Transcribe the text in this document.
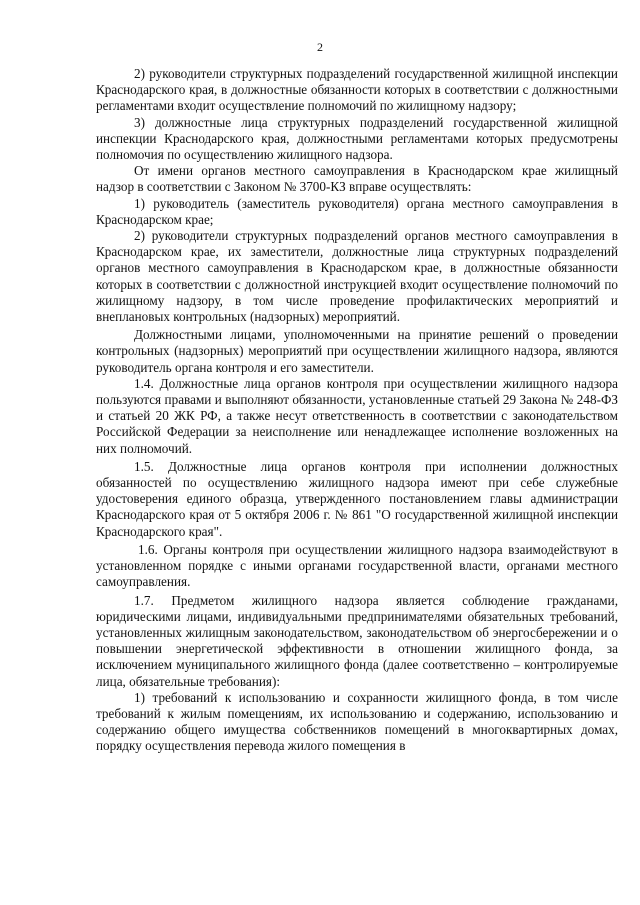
2

2) руководители структурных подразделений государственной жилищной инспекции Краснодарского края, в должностные обязанности которых в соответствии с должностными регламентами входит осуществление полномочий по жилищному надзору;

3) должностные лица структурных подразделений государственной жилищной инспекции Краснодарского края, должностными регламентами которых предусмотрены полномочия по осуществлению жилищного надзора.

От имени органов местного самоуправления в Краснодарском крае жилищный надзор в соответствии с Законом № 3700-КЗ вправе осуществлять:

1) руководитель (заместитель руководителя) органа местного самоуправления в Краснодарском крае;

2) руководители структурных подразделений органов местного самоуправления в Краснодарском крае, их заместители, должностные лица структурных подразделений органов местного самоуправления в Краснодарском крае, в должностные обязанности которых в соответствии с должностной инструкцией входит осуществление полномочий по жилищному надзору, в том числе проведение профилактических мероприятий и внеплановых контрольных (надзорных) мероприятий.

Должностными лицами, уполномоченными на принятие решений о проведении контрольных (надзорных) мероприятий при осуществлении жилищного надзора, являются руководитель органа контроля и его заместители.

1.4. Должностные лица органов контроля при осуществлении жилищного надзора пользуются правами и выполняют обязанности, установленные статьей 29 Закона № 248-ФЗ и статьей 20 ЖК РФ, а также несут ответственность в соответствии с законодательством Российской Федерации за неисполнение или ненадлежащее исполнение возложенных на них полномочий.

1.5. Должностные лица органов контроля при исполнении должностных обязанностей по осуществлению жилищного надзора имеют при себе служебные удостоверения единого образца, утвержденного постановлением главы администрации Краснодарского края от 5 октября 2006 г. № 861 "О государственной жилищной инспекции Краснодарского края".

1.6. Органы контроля при осуществлении жилищного надзора взаимодействуют в установленном порядке с иными органами государственной власти, органами местного самоуправления.

1.7. Предметом жилищного надзора является соблюдение гражданами, юридическими лицами, индивидуальными предпринимателями обязательных требований, установленных жилищным законодательством, законодательством об энергосбережении и о повышении энергетической эффективности в отношении жилищного фонда, за исключением муниципального жилищного фонда (далее соответственно – контролируемые лица, обязательные требования):

1) требований к использованию и сохранности жилищного фонда, в том числе требований к жилым помещениям, их использованию и содержанию, использованию и содержанию общего имущества собственников помещений в многоквартирных домах, порядку осуществления перевода жилого помещения в
